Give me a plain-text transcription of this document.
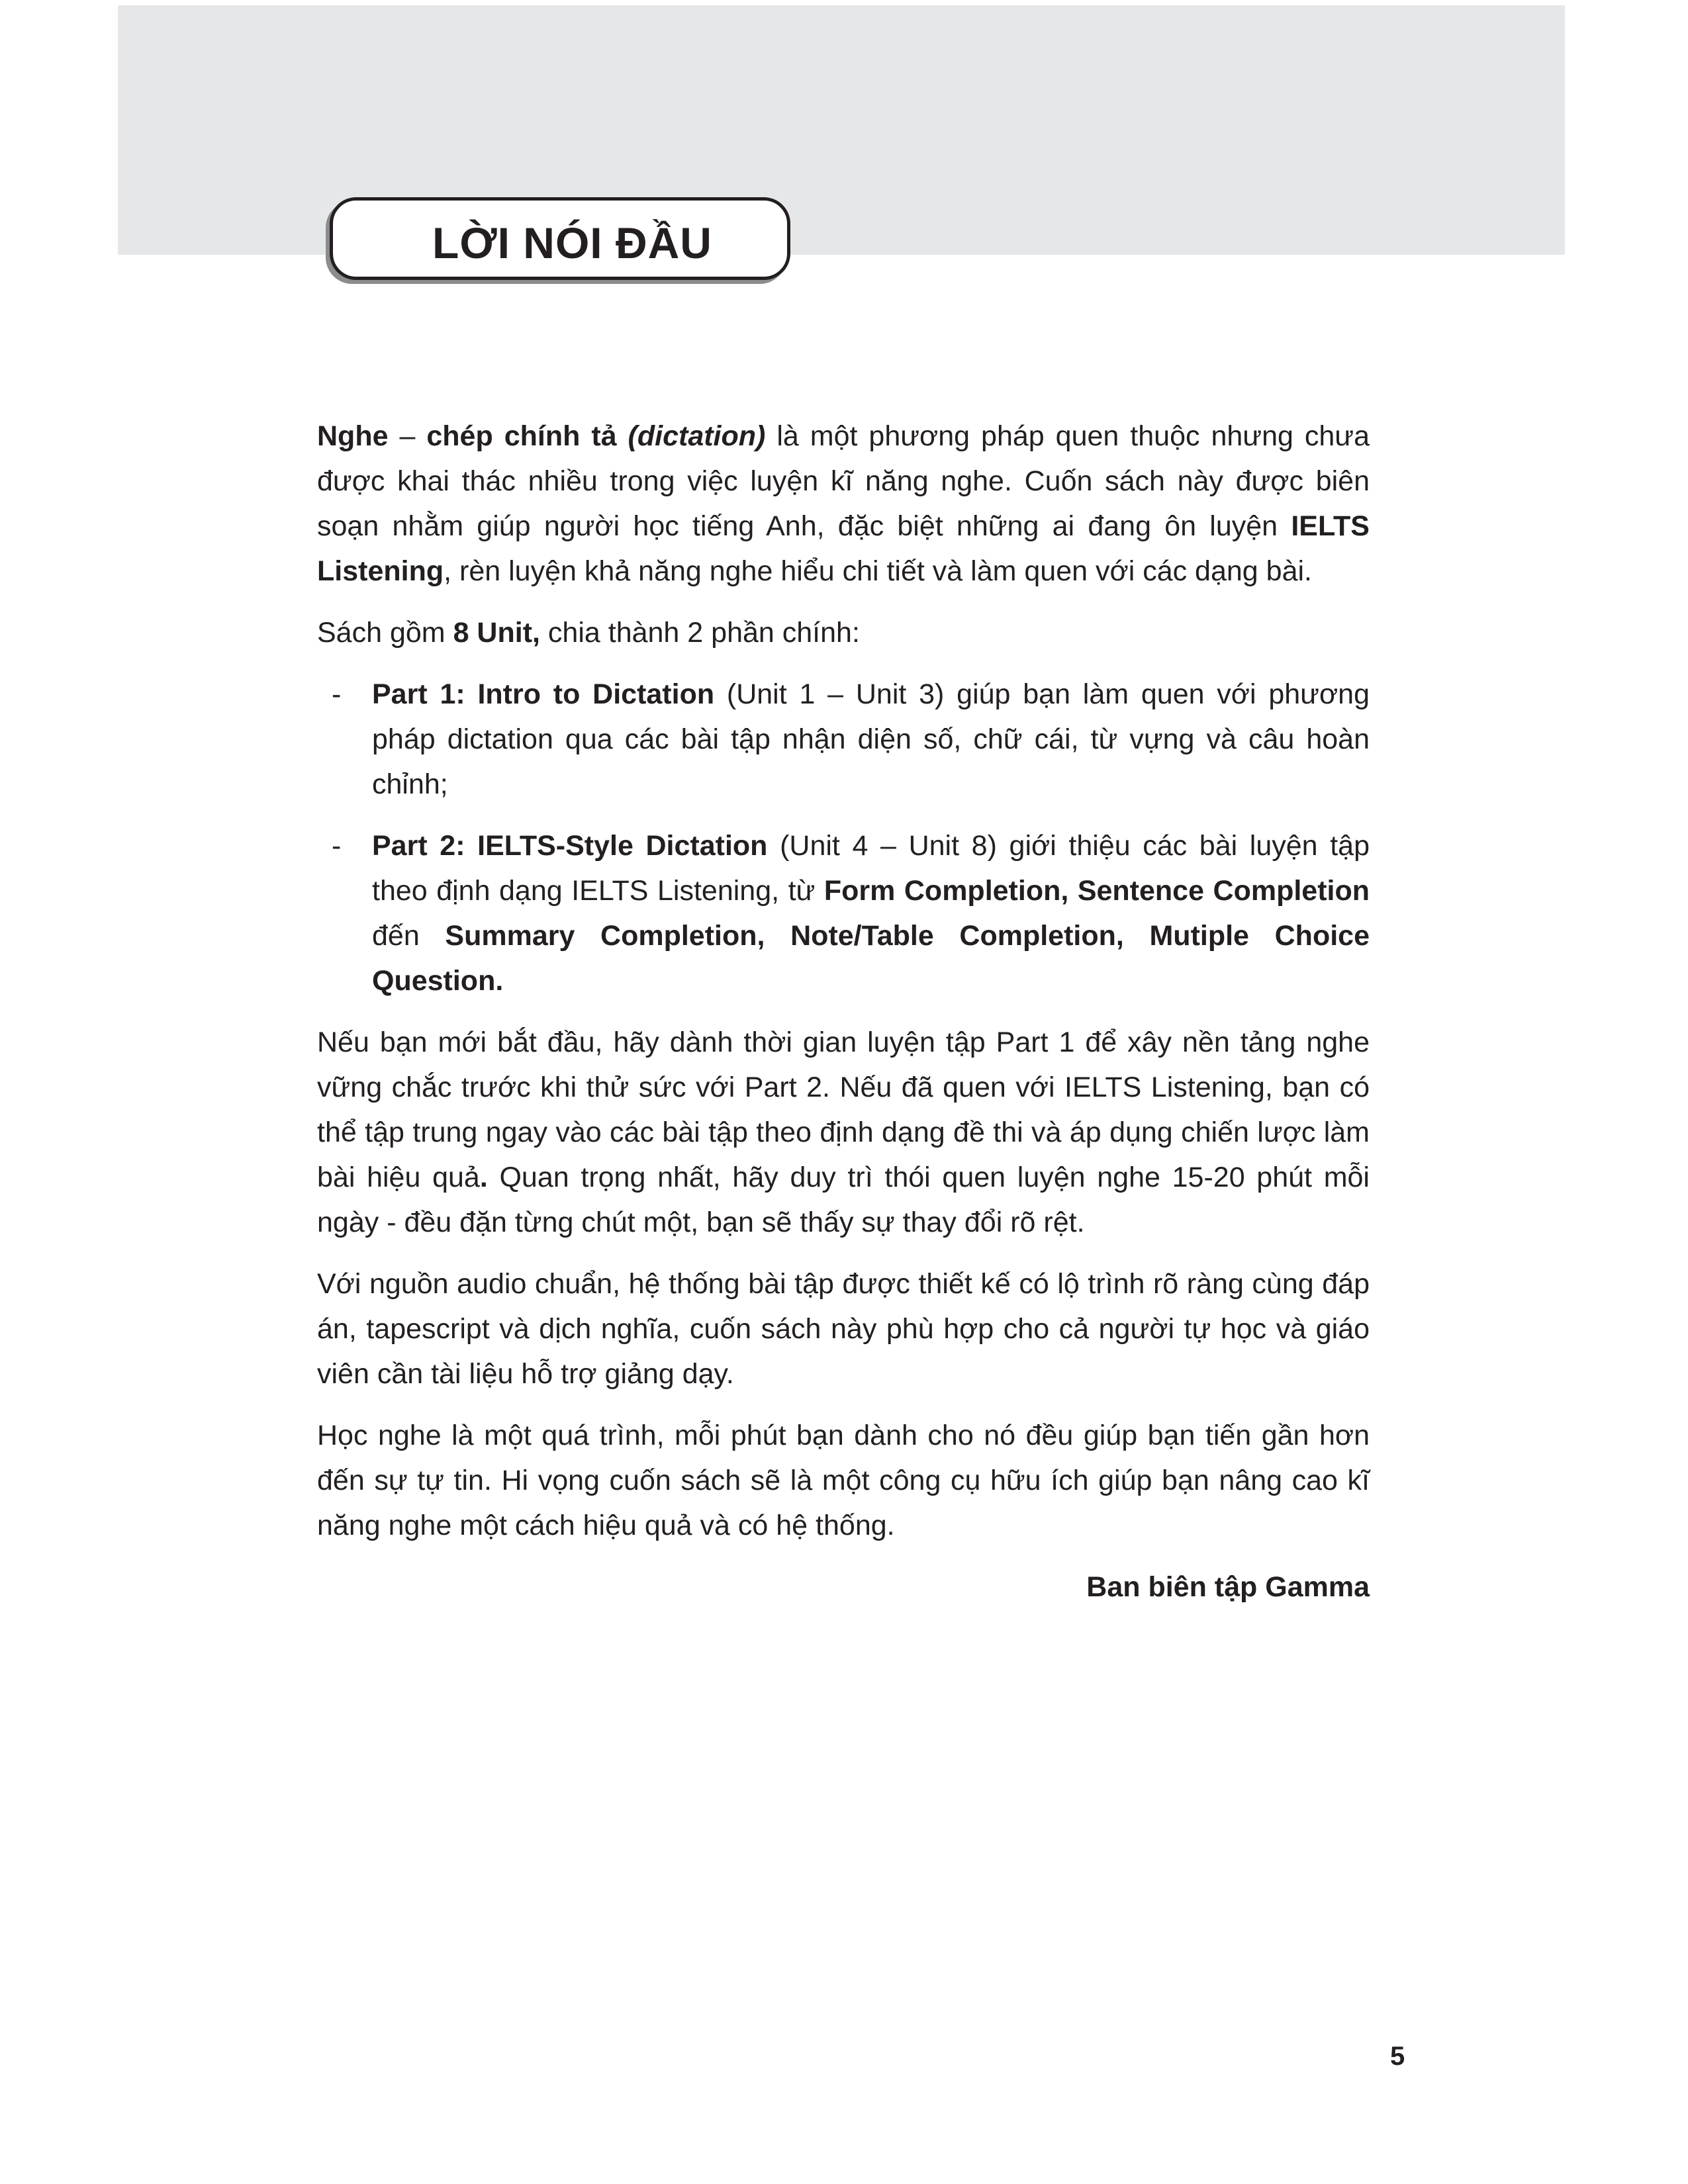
LỜI NÓI ĐẦU

Nghe – chép chính tả (dictation) là một phương pháp quen thuộc nhưng chưa được khai thác nhiều trong việc luyện kĩ năng nghe. Cuốn sách này được biên soạn nhằm giúp người học tiếng Anh, đặc biệt những ai đang ôn luyện IELTS Listening, rèn luyện khả năng nghe hiểu chi tiết và làm quen với các dạng bài.

Sách gồm 8 Unit, chia thành 2 phần chính:

- Part 1: Intro to Dictation (Unit 1 – Unit 3) giúp bạn làm quen với phương pháp dictation qua các bài tập nhận diện số, chữ cái, từ vựng và câu hoàn chỉnh;
- Part 2: IELTS-Style Dictation (Unit 4 – Unit 8) giới thiệu các bài luyện tập theo định dạng IELTS Listening, từ Form Completion, Sentence Completion đến Summary Completion, Note/Table Completion, Mutiple Choice Question.

Nếu bạn mới bắt đầu, hãy dành thời gian luyện tập Part 1 để xây nền tảng nghe vững chắc trước khi thử sức với Part 2. Nếu đã quen với IELTS Listening, bạn có thể tập trung ngay vào các bài tập theo định dạng đề thi và áp dụng chiến lược làm bài hiệu quả. Quan trọng nhất, hãy duy trì thói quen luyện nghe 15-20 phút mỗi ngày - đều đặn từng chút một, bạn sẽ thấy sự thay đổi rõ rệt.

Với nguồn audio chuẩn, hệ thống bài tập được thiết kế có lộ trình rõ ràng cùng đáp án, tapescript và dịch nghĩa, cuốn sách này phù hợp cho cả người tự học và giáo viên cần tài liệu hỗ trợ giảng dạy.

Học nghe là một quá trình, mỗi phút bạn dành cho nó đều giúp bạn tiến gần hơn đến sự tự tin. Hi vọng cuốn sách sẽ là một công cụ hữu ích giúp bạn nâng cao kĩ năng nghe một cách hiệu quả và có hệ thống.

Ban biên tập Gamma

5
